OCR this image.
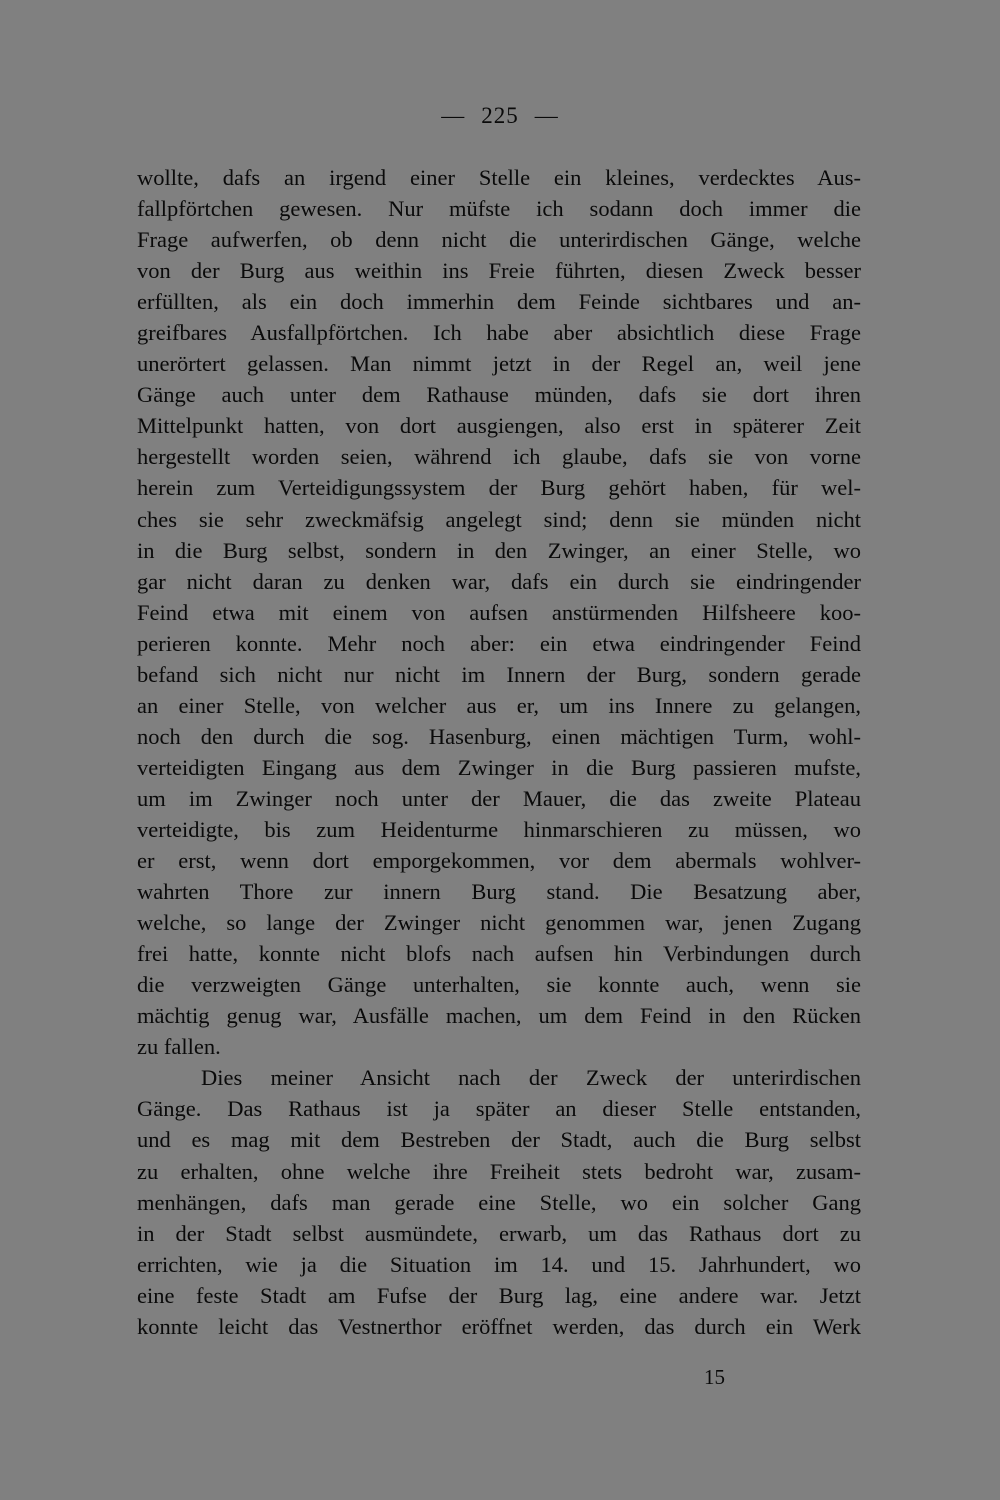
— 225 —
wollte, dafs an irgend einer Stelle ein kleines, verdecktes Aus-
fallpförtchen gewesen. Nur müfste ich sodann doch immer die
Frage aufwerfen, ob denn nicht die unterirdischen Gänge, welche
von der Burg aus weithin ins Freie führten, diesen Zweck besser
erfüllten, als ein doch immerhin dem Feinde sichtbares und an-
greifbares Ausfallpförtchen. Ich habe aber absichtlich diese Frage
unerörtert gelassen. Man nimmt jetzt in der Regel an, weil jene
Gänge auch unter dem Rathause münden, dafs sie dort ihren
Mittelpunkt hatten, von dort ausgiengen, also erst in späterer Zeit
hergestellt worden seien, während ich glaube, dafs sie von vorne
herein zum Verteidigungssystem der Burg gehört haben, für wel-
ches sie sehr zweckmäfsig angelegt sind; denn sie münden nicht
in die Burg selbst, sondern in den Zwinger, an einer Stelle, wo
gar nicht daran zu denken war, dafs ein durch sie eindringender
Feind etwa mit einem von aufsen anstürmenden Hilfsheere koo-
perieren konnte. Mehr noch aber: ein etwa eindringender Feind
befand sich nicht nur nicht im Innern der Burg, sondern gerade
an einer Stelle, von welcher aus er, um ins Innere zu gelangen,
noch den durch die sog. Hasenburg, einen mächtigen Turm, wohl-
verteidigten Eingang aus dem Zwinger in die Burg passieren mufste,
um im Zwinger noch unter der Mauer, die das zweite Plateau
verteidigte, bis zum Heidenturme hinmarschieren zu müssen, wo
er erst, wenn dort emporgekommen, vor dem abermals wohlver-
wahrten Thore zur innern Burg stand. Die Besatzung aber,
welche, so lange der Zwinger nicht genommen war, jenen Zugang
frei hatte, konnte nicht blofs nach aufsen hin Verbindungen durch
die verzweigten Gänge unterhalten, sie konnte auch, wenn sie
mächtig genug war, Ausfälle machen, um dem Feind in den Rücken
zu fallen.
Dies meiner Ansicht nach der Zweck der unterirdischen
Gänge. Das Rathaus ist ja später an dieser Stelle entstanden,
und es mag mit dem Bestreben der Stadt, auch die Burg selbst
zu erhalten, ohne welche ihre Freiheit stets bedroht war, zusam-
menhängen, dafs man gerade eine Stelle, wo ein solcher Gang
in der Stadt selbst ausmündete, erwarb, um das Rathaus dort zu
errichten, wie ja die Situation im 14. und 15. Jahrhundert, wo
eine feste Stadt am Fufse der Burg lag, eine andere war. Jetzt
konnte leicht das Vestnerthor eröffnet werden, das durch ein Werk
15
